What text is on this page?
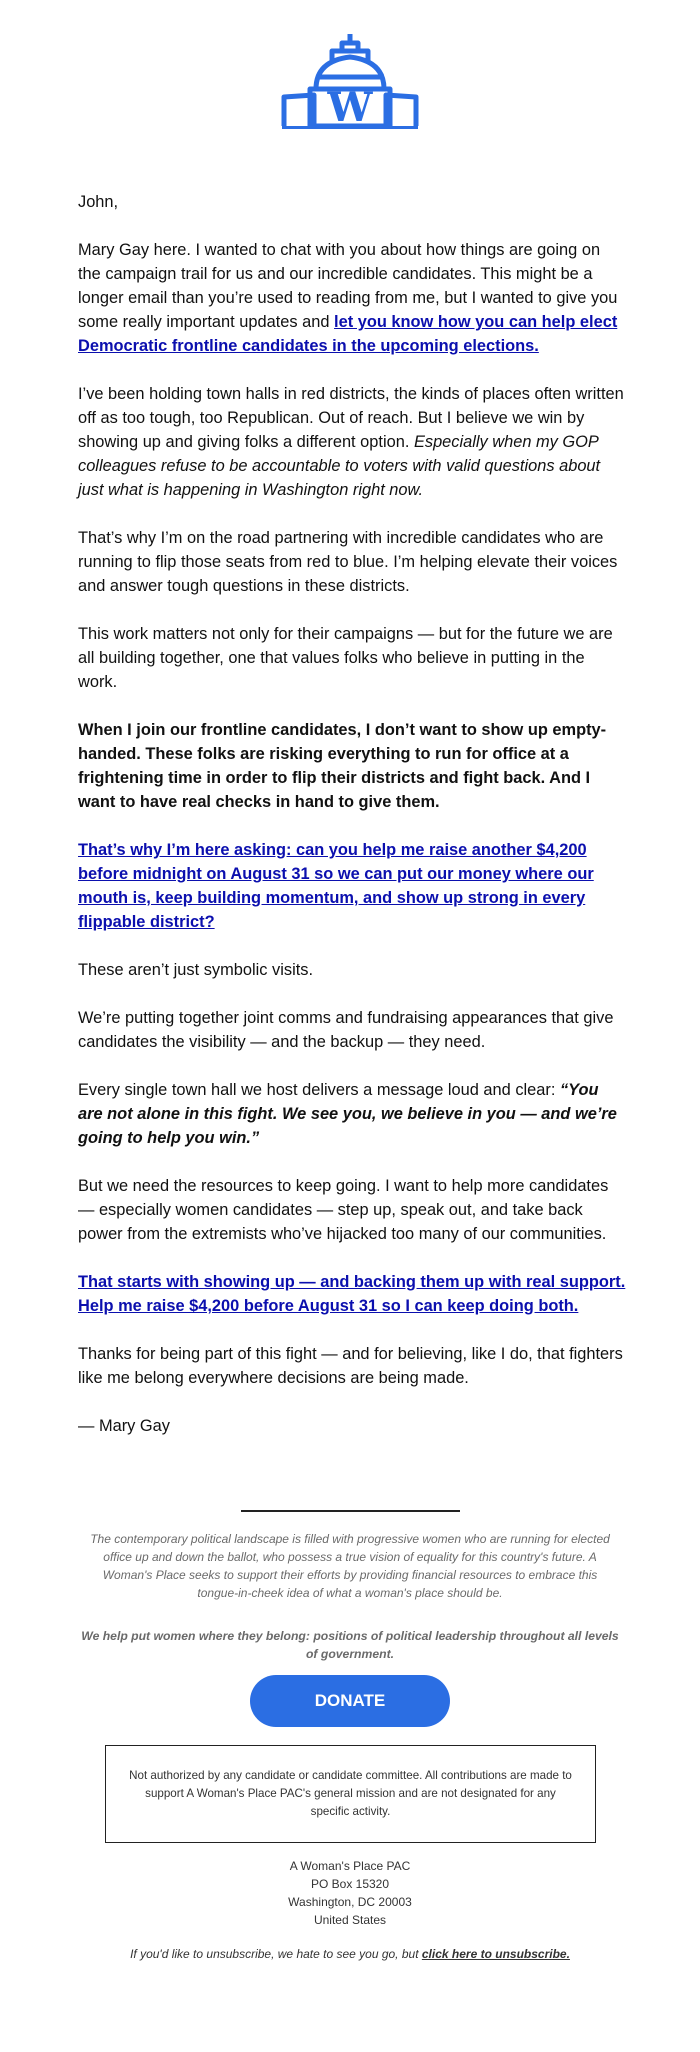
W

John,

Mary Gay here. I wanted to chat with you about how things are going on the campaign trail for us and our incredible candidates. This might be a longer email than you’re used to reading from me, but I wanted to give you some really important updates and let you know how you can help elect Democratic frontline candidates in the upcoming elections.

I’ve been holding town halls in red districts, the kinds of places often written off as too tough, too Republican. Out of reach. But I believe we win by showing up and giving folks a different option. Especially when my GOP colleagues refuse to be accountable to voters with valid questions about just what is happening in Washington right now.

That’s why I’m on the road partnering with incredible candidates who are running to flip those seats from red to blue. I’m helping elevate their voices and answer tough questions in these districts.

This work matters not only for their campaigns — but for the future we are all building together, one that values folks who believe in putting in the work.

When I join our frontline candidates, I don’t want to show up empty-handed. These folks are risking everything to run for office at a frightening time in order to flip their districts and fight back. And I want to have real checks in hand to give them.

That’s why I’m here asking: can you help me raise another $4,200 before midnight on August 31 so we can put our money where our mouth is, keep building momentum, and show up strong in every flippable district?

These aren’t just symbolic visits.

We’re putting together joint comms and fundraising appearances that give candidates the visibility — and the backup — they need.

Every single town hall we host delivers a message loud and clear: “You are not alone in this fight. We see you, we believe in you — and we’re going to help you win.”

But we need the resources to keep going. I want to help more candidates — especially women candidates — step up, speak out, and take back power from the extremists who’ve hijacked too many of our communities.

That starts with showing up — and backing them up with real support. Help me raise $4,200 before August 31 so I can keep doing both.

Thanks for being part of this fight — and for believing, like I do, that fighters like me belong everywhere decisions are being made.

— Mary Gay

The contemporary political landscape is filled with progressive women who are running for elected office up and down the ballot, who possess a true vision of equality for this country's future. A Woman's Place seeks to support their efforts by providing financial resources to embrace this tongue-in-cheek idea of what a woman's place should be.

We help put women where they belong: positions of political leadership throughout all levels of government.

DONATE
Not authorized by any candidate or candidate committee. All contributions are made to support A Woman's Place PAC's general mission and are not designated for any specific activity.
A Woman's Place PAC
PO Box 15320
Washington, DC 20003
United States
If you'd like to unsubscribe, we hate to see you go, but click here to unsubscribe.
